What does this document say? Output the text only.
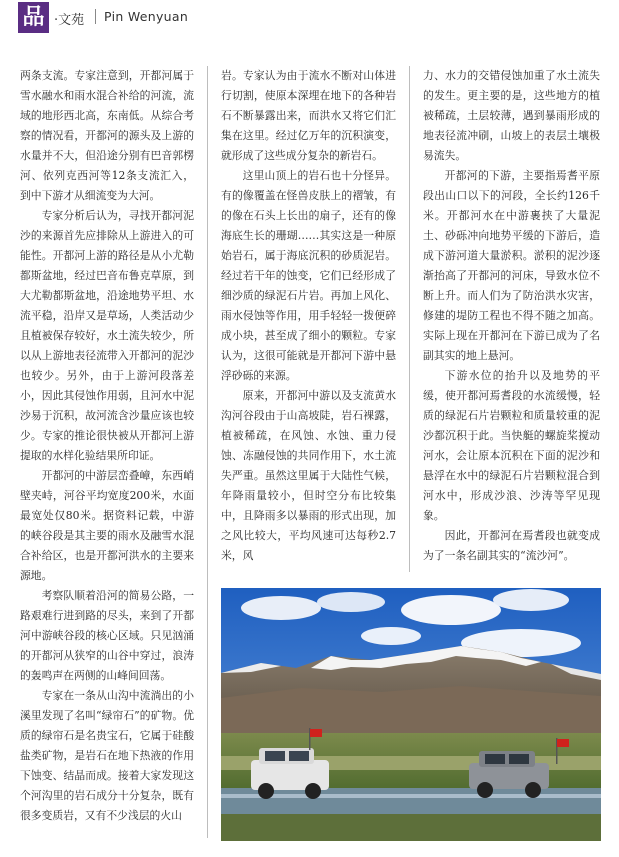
品 ·文苑 Pin Wenyuan

两条支流。专家注意到，开都河属于雪水融水和雨水混合补给的河流，流域的地形西北高，东南低。从综合考察的情况看，开都河的源头及上游的水量并不大，但沿途分别有巴音郭楞河、依列克西河等12条支流汇入，到中下游才从细流变为大河。

专家分析后认为，寻找开都河泥沙的来源首先应排除从上游进入的可能性。开都河上游的路径是从小尤勒都斯盆地，经过巴音布鲁克草原，到大尤勒都斯盆地，沿途地势平坦、水流平稳，沿岸又是草场，人类活动少且植被保存较好，水土流失较少，所以从上游地表径流带入开都河的泥沙也较少。另外，由于上游河段落差小，因此其侵蚀作用弱，且河水中泥沙易于沉积，故河流含沙量应该也较少。专家的推论很快被从开都河上游提取的水样化验结果所印证。

开都河的中游层峦叠嶂，东西峭壁夹峙，河谷平均宽度200米，水面最宽处仅80米。据资料记载，中游的峡谷段是其主要的雨水及融雪水混合补给区，也是开都河洪水的主要来源地。

考察队顺着沿河的简易公路，一路艰难行进到路的尽头，来到了开都河中游峡谷段的核心区域。只见汹涌的开都河从狭窄的山谷中穿过，浪涛的轰鸣声在两侧的山峰间回荡。

专家在一条从山沟中流淌出的小溪里发现了名叫“绿帘石”的矿物。优质的绿帘石是名贵宝石，它属于硅酸盐类矿物，是岩石在地下热液的作用下蚀变、结晶而成。接着大家发现这个河沟里的岩石成分十分复杂，既有很多变质岩，又有不少浅层的火山

岩。专家认为由于流水不断对山体进行切割，使原本深埋在地下的各种岩石不断暴露出来，而洪水又将它们汇集在这里。经过亿万年的沉积演变，就形成了这些成分复杂的新岩石。

这里山顶上的岩石也十分怪异。有的像覆盖在怪兽皮肤上的褶皱，有的像在石头上长出的扇子，还有的像海底生长的珊瑚……其实这是一种原始岩石，属于海底沉积的砂质泥岩。经过若干年的蚀变，它们已经形成了细沙质的绿泥石片岩。再加上风化、雨水侵蚀等作用，用手轻轻一拨便碎成小块，甚至成了细小的颗粒。专家认为，这很可能就是开都河下游中悬浮砂砾的来源。

原来，开都河中游以及支流黄水沟河谷段由于山高坡陡，岩石裸露，植被稀疏，在风蚀、水蚀、重力侵蚀、冻融侵蚀的共同作用下，水土流失严重。虽然这里属于大陆性气候，年降雨量较小，但时空分布比较集中，且降雨多以暴雨的形式出现，加之风比较大，平均风速可达每秒2.7米，风

力、水力的交错侵蚀加重了水土流失的发生。更主要的是，这些地方的植被稀疏，土层较薄，遇到暴雨形成的地表径流冲刷，山坡上的表层土壤极易流失。

开都河的下游，主要指焉耆平原段出山口以下的河段，全长约126千米。开都河水在中游裹挟了大量泥土、砂砾冲向地势平缓的下游后，造成下游河道大量淤积。淤积的泥沙逐渐抬高了开都河的河床，导致水位不断上升。而人们为了防治洪水灾害，修建的堤防工程也不得不随之加高。实际上现在开都河在下游已成为了名副其实的地上悬河。

下游水位的抬升以及地势的平缓，使开都河焉耆段的水流缓慢，轻质的绿泥石片岩颗粒和质量较重的泥沙都沉积于此。当快艇的螺旋桨搅动河水，会让原本沉积在下面的泥沙和悬浮在水中的绿泥石片岩颗粒混合到河水中，形成沙浪、沙涛等罕见现象。

因此，开都河在焉耆段也就变成为了一条名副其实的“流沙河”。
